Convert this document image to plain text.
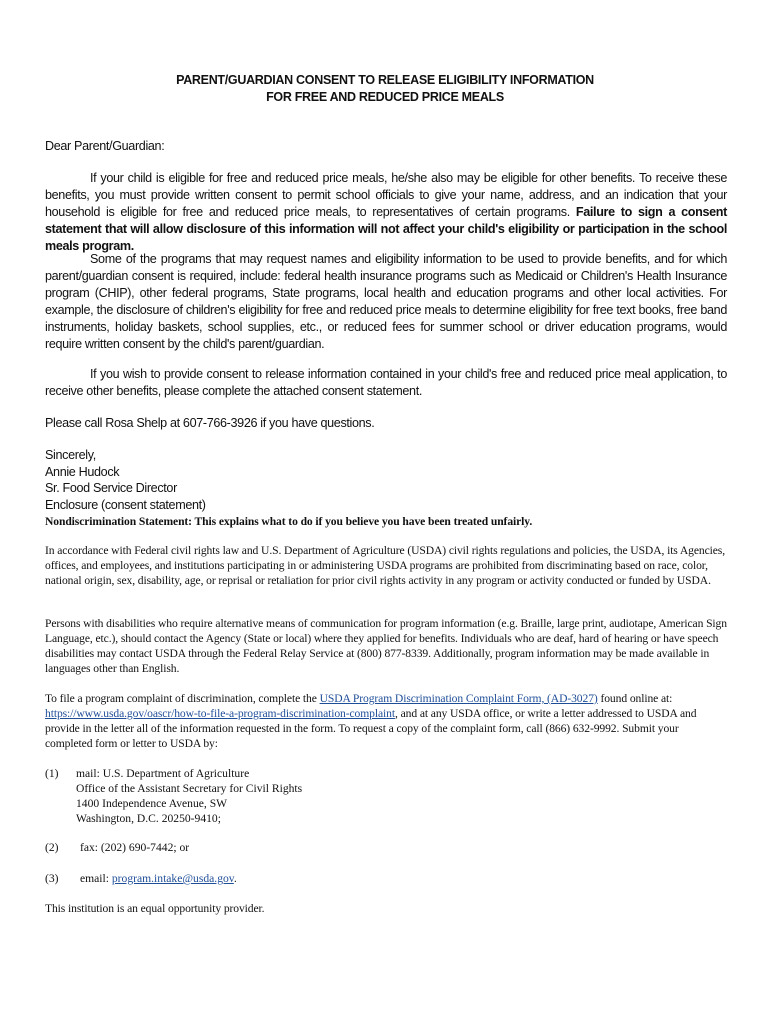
PARENT/GUARDIAN CONSENT TO RELEASE ELIGIBILITY INFORMATION
FOR FREE AND REDUCED PRICE MEALS
Dear Parent/Guardian:
If your child is eligible for free and reduced price meals, he/she also may be eligible for other benefits. To receive these benefits, you must provide written consent to permit school officials to give your name, address, and an indication that your household is eligible for free and reduced price meals, to representatives of certain programs. Failure to sign a consent statement that will allow disclosure of this information will not affect your child's eligibility or participation in the school meals program.
Some of the programs that may request names and eligibility information to be used to provide benefits, and for which parent/guardian consent is required, include: federal health insurance programs such as Medicaid or Children's Health Insurance program (CHIP), other federal programs, State programs, local health and education programs and other local activities. For example, the disclosure of children's eligibility for free and reduced price meals to determine eligibility for free text books, free band instruments, holiday baskets, school supplies, etc., or reduced fees for summer school or driver education programs, would require written consent by the child's parent/guardian.
If you wish to provide consent to release information contained in your child's free and reduced price meal application, to receive other benefits, please complete the attached consent statement.
Please call Rosa Shelp at 607-766-3926 if you have questions.
Sincerely,
Annie Hudock
Sr. Food Service Director
Enclosure (consent statement)
Nondiscrimination Statement: This explains what to do if you believe you have been treated unfairly.
In accordance with Federal civil rights law and U.S. Department of Agriculture (USDA) civil rights regulations and policies, the USDA, its Agencies, offices, and employees, and institutions participating in or administering USDA programs are prohibited from discriminating based on race, color, national origin, sex, disability, age, or reprisal or retaliation for prior civil rights activity in any program or activity conducted or funded by USDA.
Persons with disabilities who require alternative means of communication for program information (e.g. Braille, large print, audiotape, American Sign Language, etc.), should contact the Agency (State or local) where they applied for benefits. Individuals who are deaf, hard of hearing or have speech disabilities may contact USDA through the Federal Relay Service at (800) 877-8339. Additionally, program information may be made available in languages other than English.
To file a program complaint of discrimination, complete the USDA Program Discrimination Complaint Form, (AD-3027) found online at: https://www.usda.gov/oascr/how-to-file-a-program-discrimination-complaint, and at any USDA office, or write a letter addressed to USDA and provide in the letter all of the information requested in the form. To request a copy of the complaint form, call (866) 632-9992. Submit your completed form or letter to USDA by:
(1) mail: U.S. Department of Agriculture
Office of the Assistant Secretary for Civil Rights
1400 Independence Avenue, SW
Washington, D.C. 20250-9410;
(2) fax: (202) 690-7442; or
(3) email: program.intake@usda.gov.
This institution is an equal opportunity provider.
